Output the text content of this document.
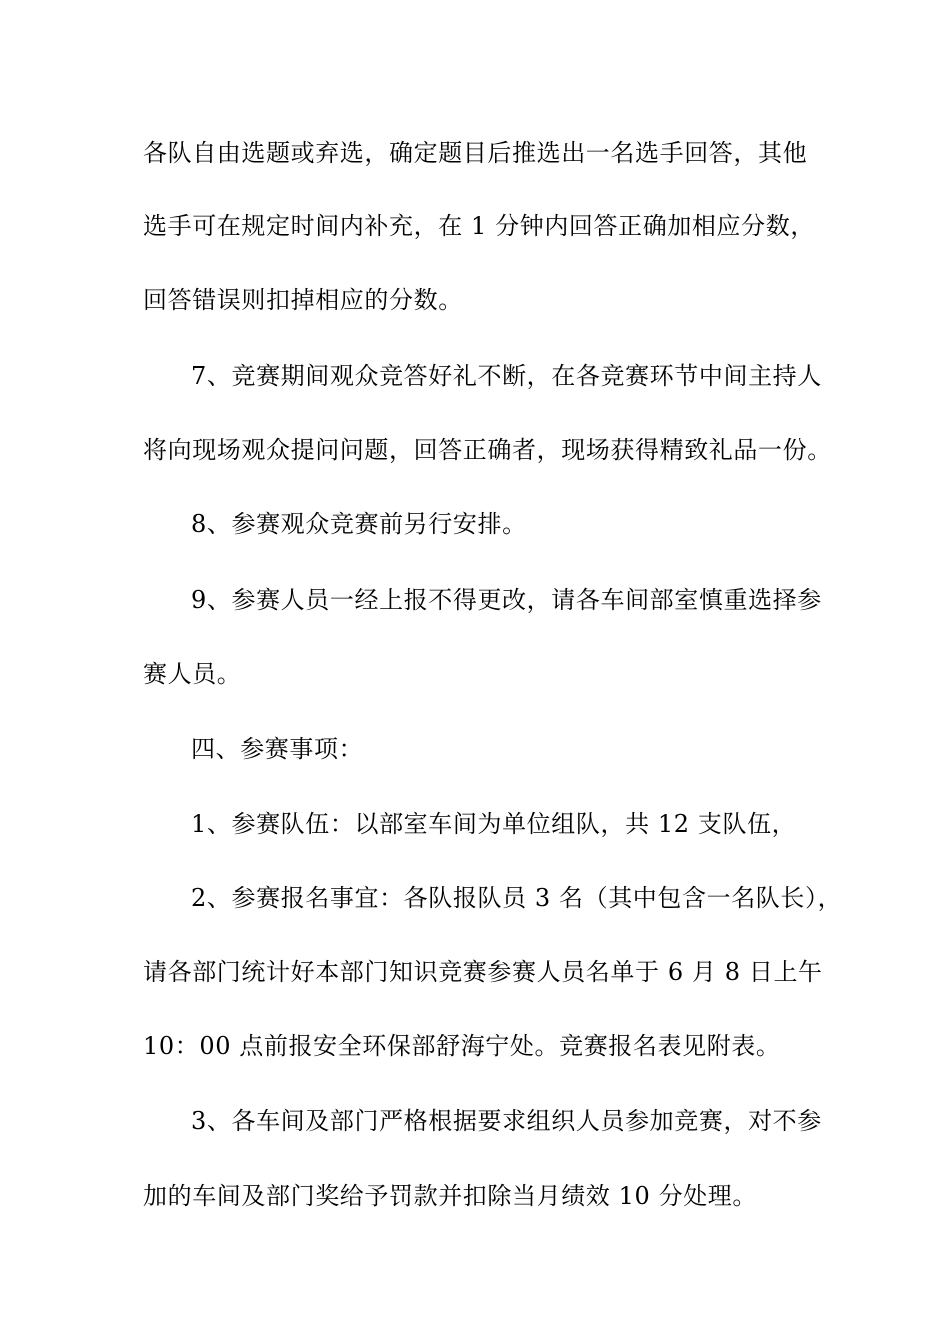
各队自由选题或弃选，确定题目后推选出一名选手回答，其他
选手可在规定时间内补充，在 1 分钟内回答正确加相应分数，
回答错误则扣掉相应的分数。
7、竞赛期间观众竞答好礼不断，在各竞赛环节中间主持人
将向现场观众提问问题，回答正确者，现场获得精致礼品一份。
8、参赛观众竞赛前另行安排。
9、参赛人员一经上报不得更改，请各车间部室慎重选择参
赛人员。
四、参赛事项：
1、参赛队伍：以部室车间为单位组队，共 12 支队伍，
2、参赛报名事宜：各队报队员 3 名（其中包含一名队长），
请各部门统计好本部门知识竞赛参赛人员名单于 6 月 8 日上午
10：00 点前报安全环保部舒海宁处。竞赛报名表见附表。
3、各车间及部门严格根据要求组织人员参加竞赛，对不参
加的车间及部门奖给予罚款并扣除当月绩效 10 分处理。
